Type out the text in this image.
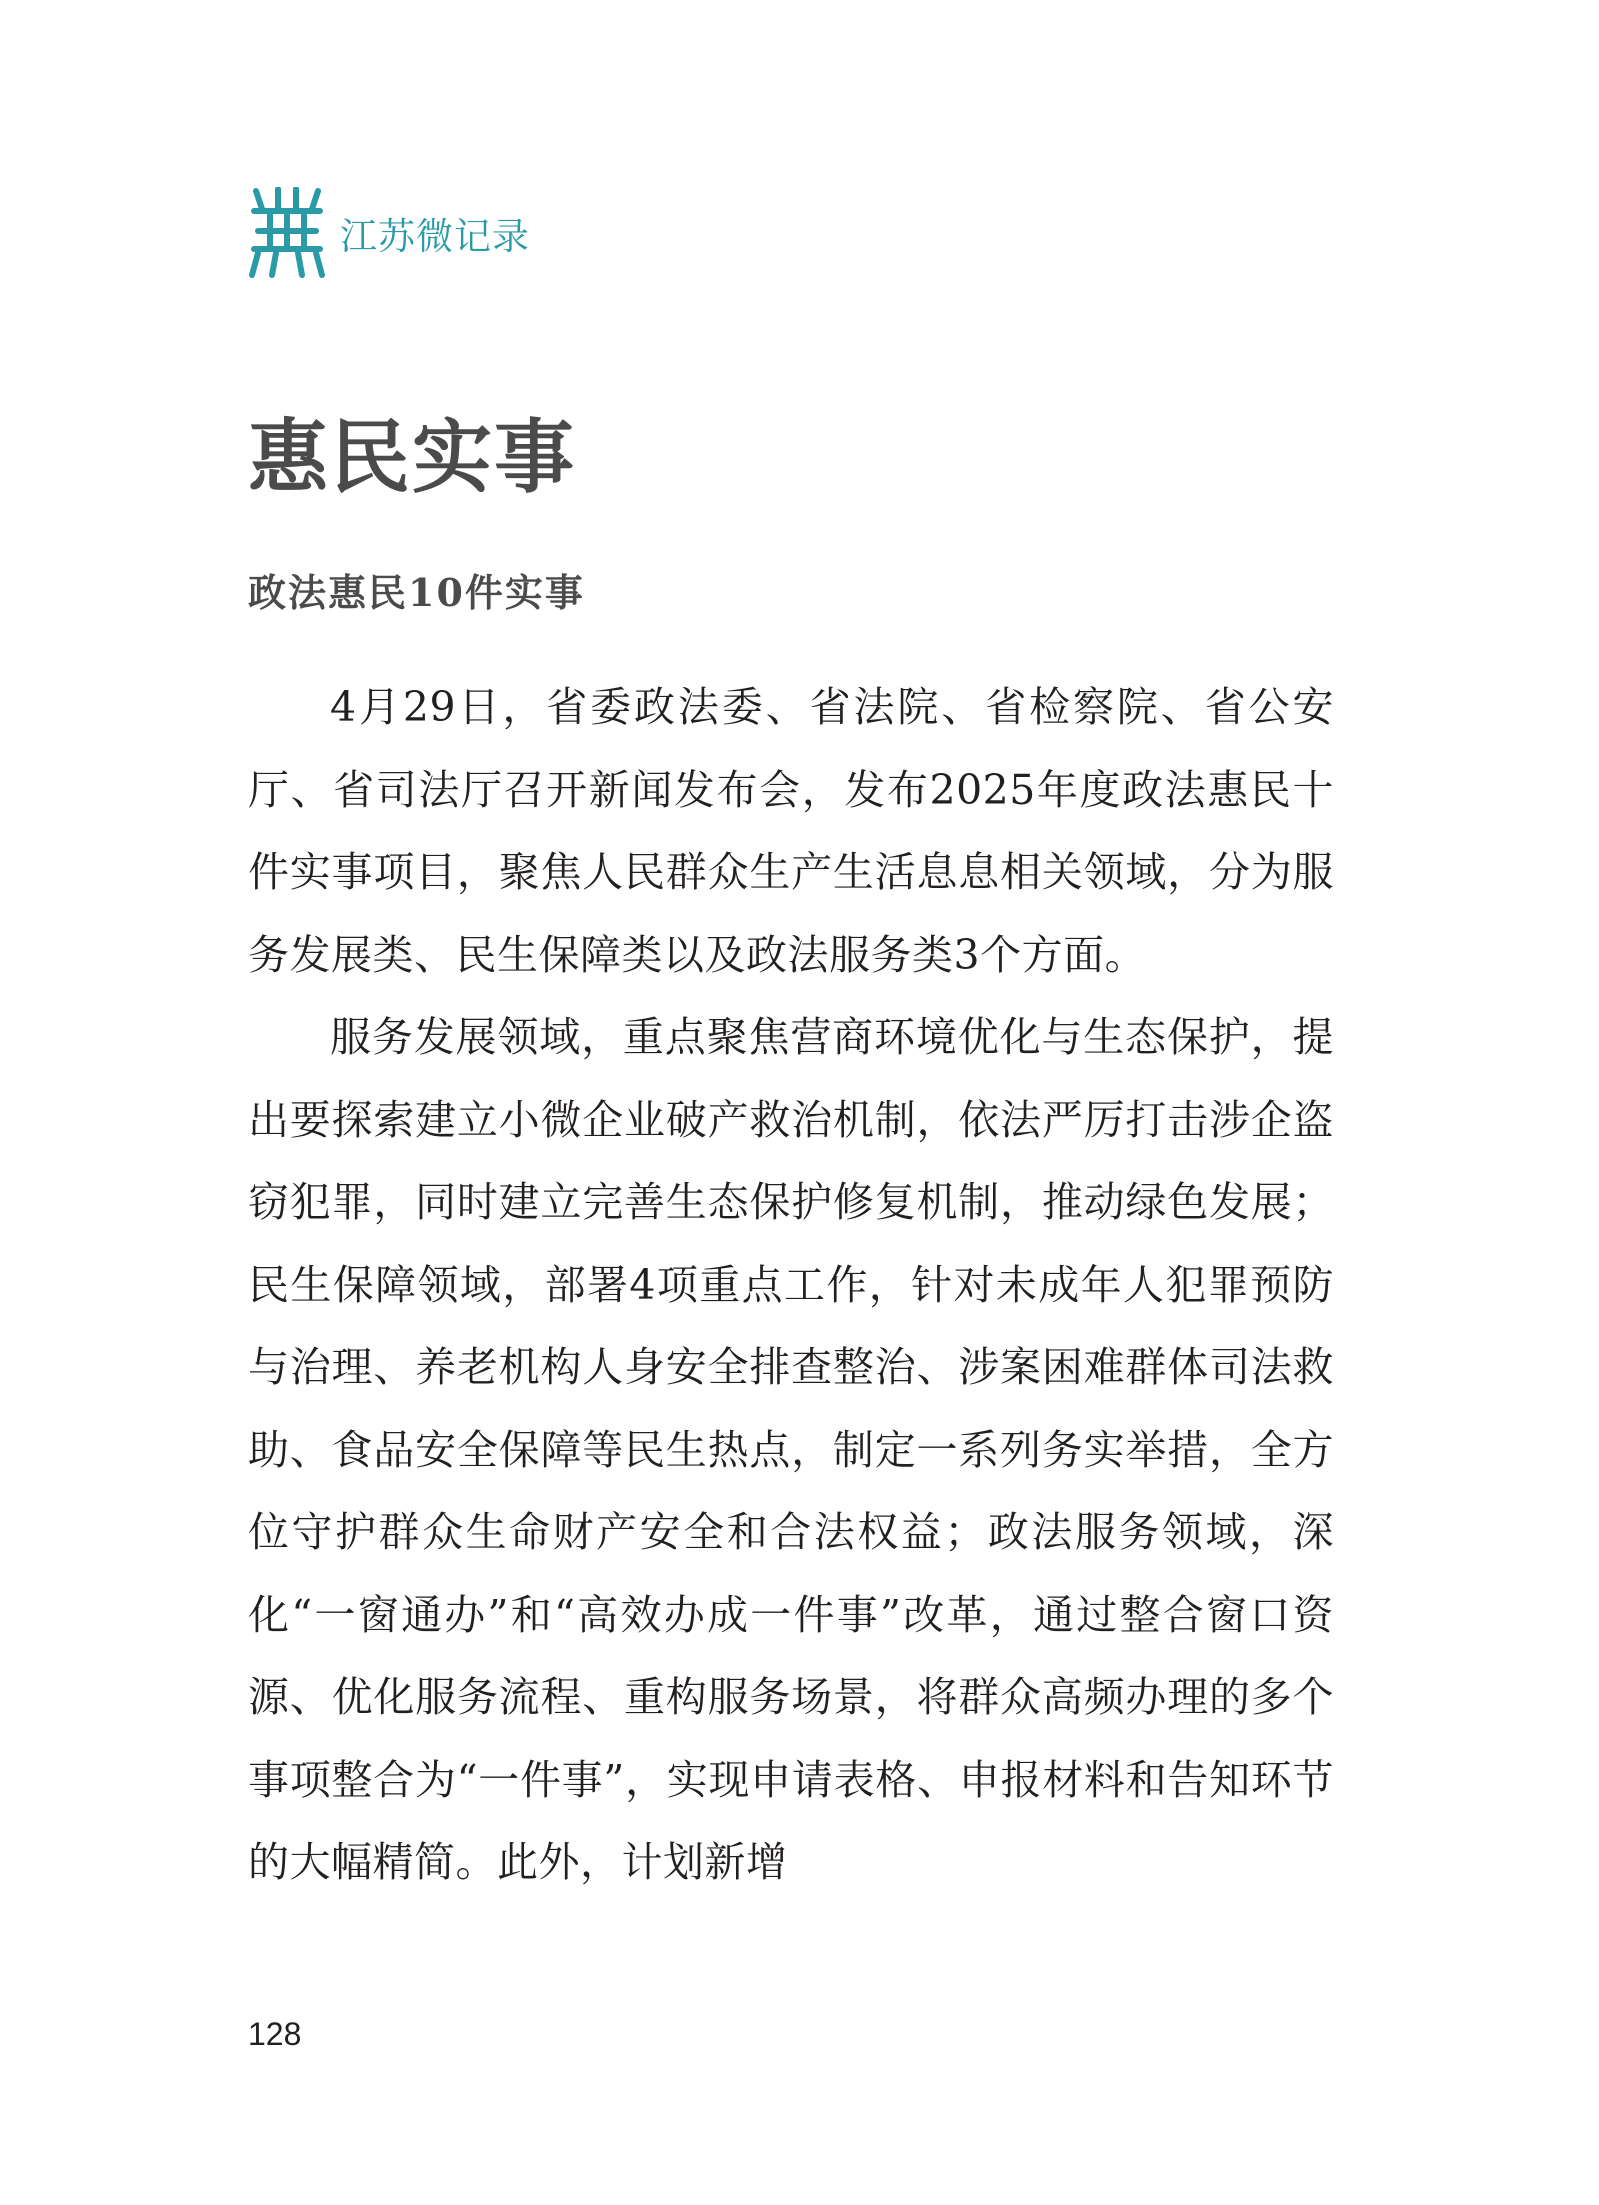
江苏微记录
惠民实事
政法惠民10件实事

4月29日，省委政法委、省法院、省检察院、省公安厅、省司法厅召开新闻发布会，发布2025年度政法惠民十件实事项目，聚焦人民群众生产生活息息相关领域，分为服务发展类、民生保障类以及政法服务类3个方面。

服务发展领域，重点聚焦营商环境优化与生态保护，提出要探索建立小微企业破产救治机制，依法严厉打击涉企盗窃犯罪，同时建立完善生态保护修复机制，推动绿色发展；民生保障领域，部署4项重点工作，针对未成年人犯罪预防与治理、养老机构人身安全排查整治、涉案困难群体司法救助、食品安全保障等民生热点，制定一系列务实举措，全方位守护群众生命财产安全和合法权益；政法服务领域，深化“一窗通办”和“高效办成一件事”改革，通过整合窗口资源、优化服务流程、重构服务场景，将群众高频办理的多个事项整合为“一件事”，实现申请表格、申报材料和告知环节的大幅精简。此外，计划新增

128
